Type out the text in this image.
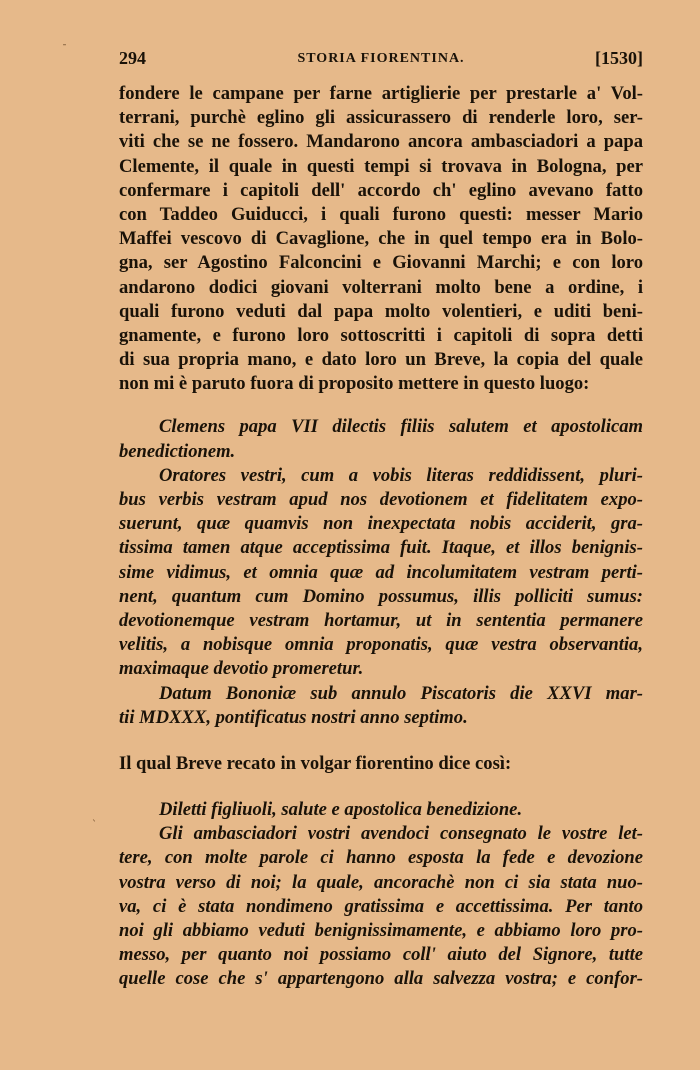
294	STORIA FIORENTINA.	[1530]
fondere le campane per farne artiglierie per prestarle a' Vol-
terrani, purchè eglino gli assicurassero di renderle loro, ser-
viti che se ne fossero. Mandarono ancora ambasciadori a papa
Clemente, il quale in questi tempi si trovava in Bologna, per
confermare i capitoli dell' accordo ch' eglino avevano fatto
con Taddeo Guiducci, i quali furono questi: messer Mario
Maffei vescovo di Cavaglione, che in quel tempo era in Bolo-
gna, ser Agostino Falconcini e Giovanni Marchi; e con loro
andarono dodici giovani volterrani molto bene a ordine, i
quali furono veduti dal papa molto volentieri, e uditi beni-
gnamente, e furono loro sottoscritti i capitoli di sopra detti
di sua propria mano, e dato loro un Breve, la copia del quale
non mi è paruto fuora di proposito mettere in questo luogo:
Clemens papa VII dilectis filiis salutem et apostolicam
benedictionem.
Oratores vestri, cum a vobis literas reddidissent, pluri-
bus verbis vestram apud nos devotionem et fidelitatem expo-
suerunt, quæ quamvis non inexpectata nobis acciderit, gra-
tissima tamen atque acceptissima fuit. Itaque, et illos benignis-
sime vidimus, et omnia quæ ad incolumitatem vestram perti-
nent, quantum cum Domino possumus, illis polliciti sumus:
devotionemque vestram hortamur, ut in sententia permanere
velitis, a nobisque omnia proponatis, quæ vestra observantia,
maximaque devotio promeretur.
Datum Bononiæ sub annulo Piscatoris die XXVI mar-
tii MDXXX, pontificatus nostri anno septimo.
Il qual Breve recato in volgar fiorentino dice così:
Diletti figliuoli, salute e apostolica benedizione.
Gli ambasciadori vostri avendoci consegnato le vostre let-
tere, con molte parole ci hanno esposta la fede e devozione
vostra verso di noi; la quale, ancorachè non ci sia stata nuo-
va, ci è stata nondimeno gratissima e accettissima. Per tanto
noi gli abbiamo veduti benignissimamente, e abbiamo loro pro-
messo, per quanto noi possiamo coll' aiuto del Signore, tutte
quelle cose che s' appartengono alla salvezza vostra; e confor-
ˉ
ˋ
